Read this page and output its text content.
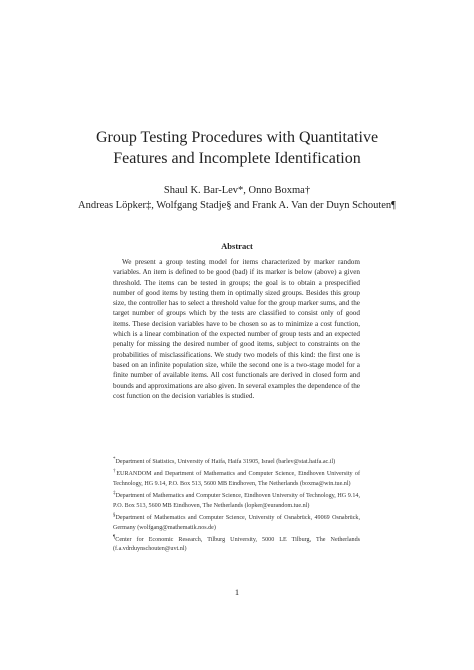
Group Testing Procedures with Quantitative
Features and Incomplete Identification
Shaul K. Bar-Lev*, Onno Boxma†
Andreas Löpker‡, Wolfgang Stadje§ and Frank A. Van der Duyn Schouten¶
Abstract
We present a group testing model for items characterized by marker random variables. An item is defined to be good (bad) if its marker is below (above) a given threshold. The items can be tested in groups; the goal is to obtain a prespecified number of good items by testing them in optimally sized groups. Besides this group size, the controller has to select a threshold value for the group marker sums, and the target number of groups which by the tests are classified to consist only of good items. These decision variables have to be chosen so as to minimize a cost function, which is a linear combination of the expected number of group tests and an expected penalty for missing the desired number of good items, subject to constraints on the probabilities of misclassifications. We study two models of this kind: the first one is based on an infinite population size, while the second one is a two-stage model for a finite number of available items. All cost functionals are derived in closed form and bounds and approximations are also given. In several examples the dependence of the cost function on the decision variables is studied.

*Department of Statistics, University of Haifa, Haifa 31905, Israel (barlev@stat.haifa.ac.il)

†EURANDOM and Department of Mathematics and Computer Science, Eindhoven University of Technology, HG 9.14, P.O. Box 513, 5600 MB Eindhoven, The Netherlands (boxma@win.tue.nl)

‡Department of Mathematics and Computer Science, Eindhoven University of Technology, HG 9.14, P.O. Box 513, 5600 MB Eindhoven, The Netherlands (lopker@eurandom.tue.nl)

§Department of Mathematics and Computer Science, University of Osnabrück, 49069 Osnabrück, Germany (wolfgang@mathematik.nos.de)

¶Center for Economic Research, Tilburg University, 5000 LE Tilburg, The Netherlands (f.a.vdrduynschouten@uvt.nl)

1
